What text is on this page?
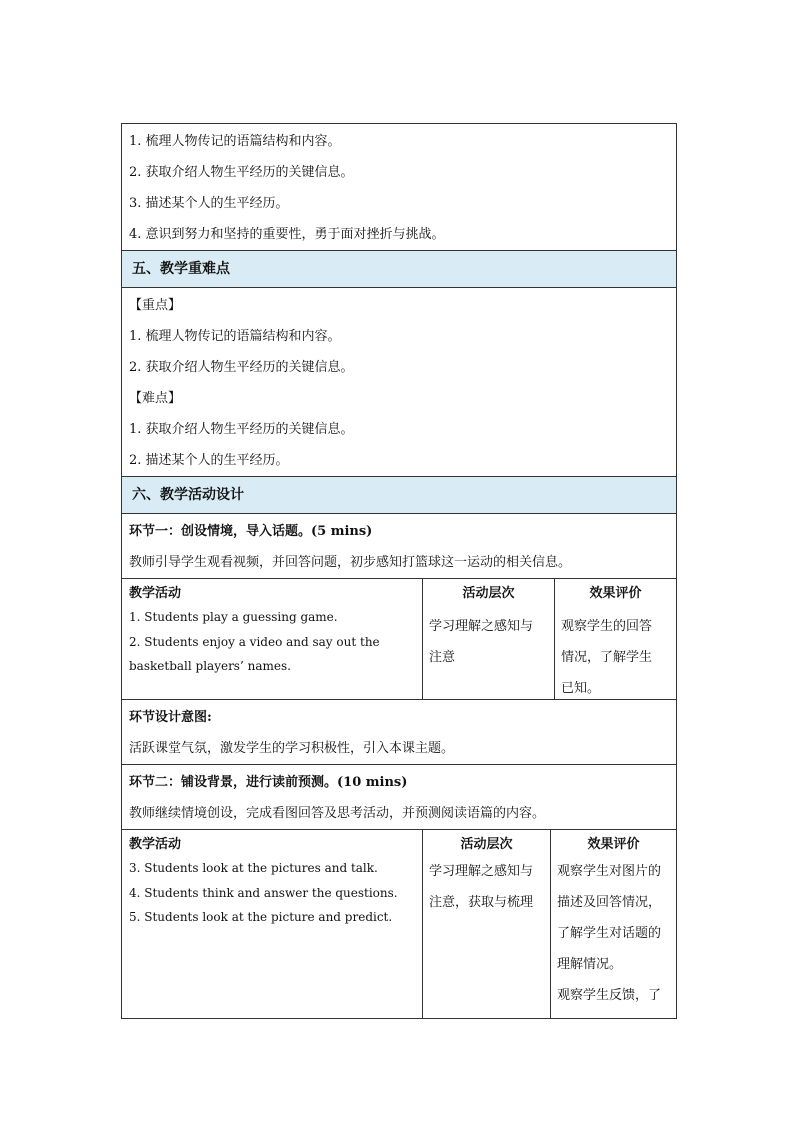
1. 梳理人物传记的语篇结构和内容。
2. 获取介绍人物生平经历的关键信息。
3. 描述某个人的生平经历。
4. 意识到努力和坚持的重要性，勇于面对挫折与挑战。
五、教学重难点
【重点】
1. 梳理人物传记的语篇结构和内容。
2. 获取介绍人物生平经历的关键信息。
【难点】
1. 获取介绍人物生平经历的关键信息。
2. 描述某个人的生平经历。
六、教学活动设计
环节一：创设情境，导入话题。(5 mins)
教师引导学生观看视频，并回答问题，初步感知打篮球这一运动的相关信息。
教学活动
1. Students play a guessing game.
2. Students enjoy a video and say out the
basketball players’ names.
活动层次
学习理解之感知与
注意
效果评价
观察学生的回答
情况，了解学生
已知。
环节设计意图:
活跃课堂气氛，激发学生的学习积极性，引入本课主题。
环节二：铺设背景，进行读前预测。(10 mins)
教师继续情境创设，完成看图回答及思考活动，并预测阅读语篇的内容。
教学活动
3. Students look at the pictures and talk.
4. Students think and answer the questions.
5. Students look at the picture and predict.
活动层次
学习理解之感知与
注意，获取与梳理
效果评价
观察学生对图片的
描述及回答情况，
了解学生对话题的
理解情况。
观察学生反馈，了
